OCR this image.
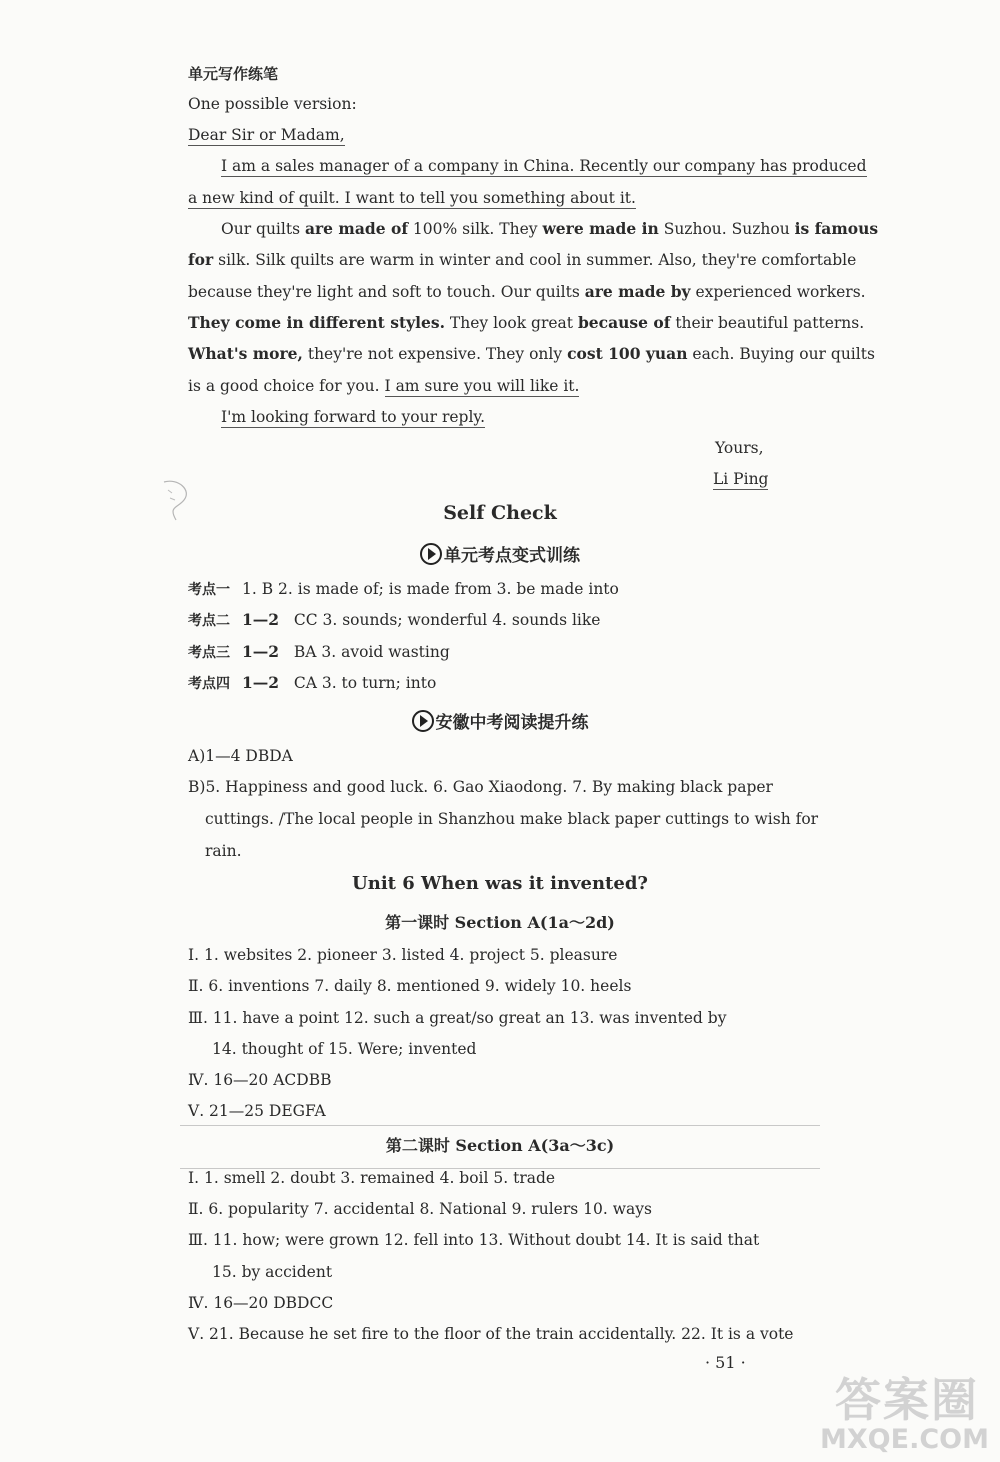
单元写作练笔
One possible version:
Dear Sir or Madam,
I am a sales manager of a company in China. Recently our company has produced
a new kind of quilt. I want to tell you something about it.
Our quilts are made of 100% silk. They were made in Suzhou. Suzhou is famous
for silk. Silk quilts are warm in winter and cool in summer. Also, they're comfortable
because they're light and soft to touch. Our quilts are made by experienced workers.
They come in different styles. They look great because of their beautiful patterns.
What's more, they're not expensive. They only cost 100 yuan each. Buying our quilts
is a good choice for you. I am sure you will like it.
I'm looking forward to your reply.
Yours,
Li Ping
Self Check
单元考点变式训练
考点一 1. B 2. is made of; is made from 3. be made into
考点二 1—2 CC 3. sounds; wonderful 4. sounds like
考点三 1—2 BA 3. avoid wasting
考点四 1—2 CA 3. to turn; into
安徽中考阅读提升练
A)1—4 DBDA
B)5. Happiness and good luck. 6. Gao Xiaodong. 7. By making black paper
cuttings. /The local people in Shanzhou make black paper cuttings to wish for
rain.
Unit 6 When was it invented?
第一课时 Section A(1a～2d)
Ⅰ. 1. websites 2. pioneer 3. listed 4. project 5. pleasure
Ⅱ. 6. inventions 7. daily 8. mentioned 9. widely 10. heels
Ⅲ. 11. have a point 12. such a great/so great an 13. was invented by
14. thought of 15. Were; invented
Ⅳ. 16—20 ACDBB
Ⅴ. 21—25 DEGFA
第二课时 Section A(3a～3c)
Ⅰ. 1. smell 2. doubt 3. remained 4. boil 5. trade
Ⅱ. 6. popularity 7. accidental 8. National 9. rulers 10. ways
Ⅲ. 11. how; were grown 12. fell into 13. Without doubt 14. It is said that
15. by accident
Ⅳ. 16—20 DBDCC
Ⅴ. 21. Because he set fire to the floor of the train accidentally. 22. It is a vote
· 51 ·
答案圈
MXQE.COM
